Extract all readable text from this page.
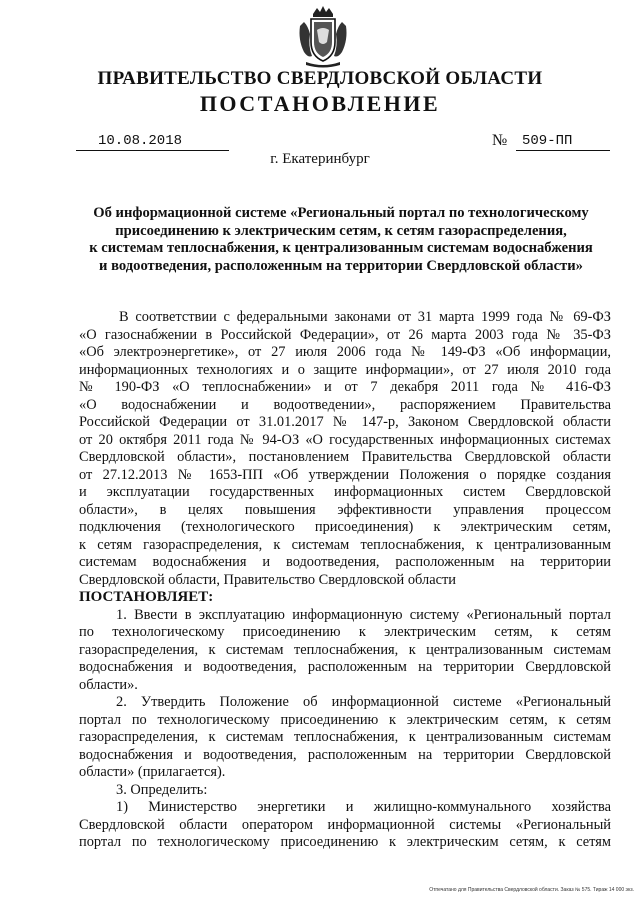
ПРАВИТЕЛЬСТВО СВЕРДЛОВСКОЙ ОБЛАСТИ
ПОСТАНОВЛЕНИЕ
10.08.2018	№	509-ПП
г. Екатеринбург
Об информационной системе «Региональный портал по технологическому
присоединению к электрическим сетям, к сетям газораспределения,
к системам теплоснабжения, к централизованным системам водоснабжения
и водоотведения, расположенным на территории Свердловской области»
В соответствии с федеральными законами от 31 марта 1999 года № 69-ФЗ
«О газоснабжении в Российской Федерации», от 26 марта 2003 года № 35-ФЗ
«Об электроэнергетике», от 27 июля 2006 года № 149-ФЗ «Об информации,
информационных технологиях и о защите информации», от 27 июля 2010 года
№ 190-ФЗ «О теплоснабжении» и от 7 декабря 2011 года № 416-ФЗ
«О водоснабжении и водоотведении», распоряжением Правительства
Российской Федерации от 31.01.2017 № 147-р, Законом Свердловской области
от 20 октября 2011 года № 94-ОЗ «О государственных информационных системах
Свердловской области», постановлением Правительства Свердловской области
от 27.12.2013 № 1653-ПП «Об утверждении Положения о порядке создания
и эксплуатации государственных информационных систем Свердловской
области», в целях повышения эффективности управления процессом
подключения (технологического присоединения) к электрическим сетям,
к сетям газораспределения, к системам теплоснабжения, к централизованным
системам водоснабжения и водоотведения, расположенным на территории
Свердловской области, Правительство Свердловской области
ПОСТАНОВЛЯЕТ:
1. Ввести в эксплуатацию информационную систему «Региональный портал
по технологическому присоединению к электрическим сетям, к сетям
газораспределения, к системам теплоснабжения, к централизованным системам
водоснабжения и водоотведения, расположенным на территории Свердловской
области».
2. Утвердить Положение об информационной системе «Региональный
портал по технологическому присоединению к электрическим сетям, к сетям
газораспределения, к системам теплоснабжения, к централизованным системам
водоснабжения и водоотведения, расположенным на территории Свердловской
области» (прилагается).
3. Определить:
1) Министерство энергетики и жилищно-коммунального хозяйства
Свердловской области оператором информационной системы «Региональный
портал по технологическому присоединению к электрическим сетям, к сетям
Отпечатано для Правительства Свердловской области. Заказ № 575. Тираж 14 000 экз.
